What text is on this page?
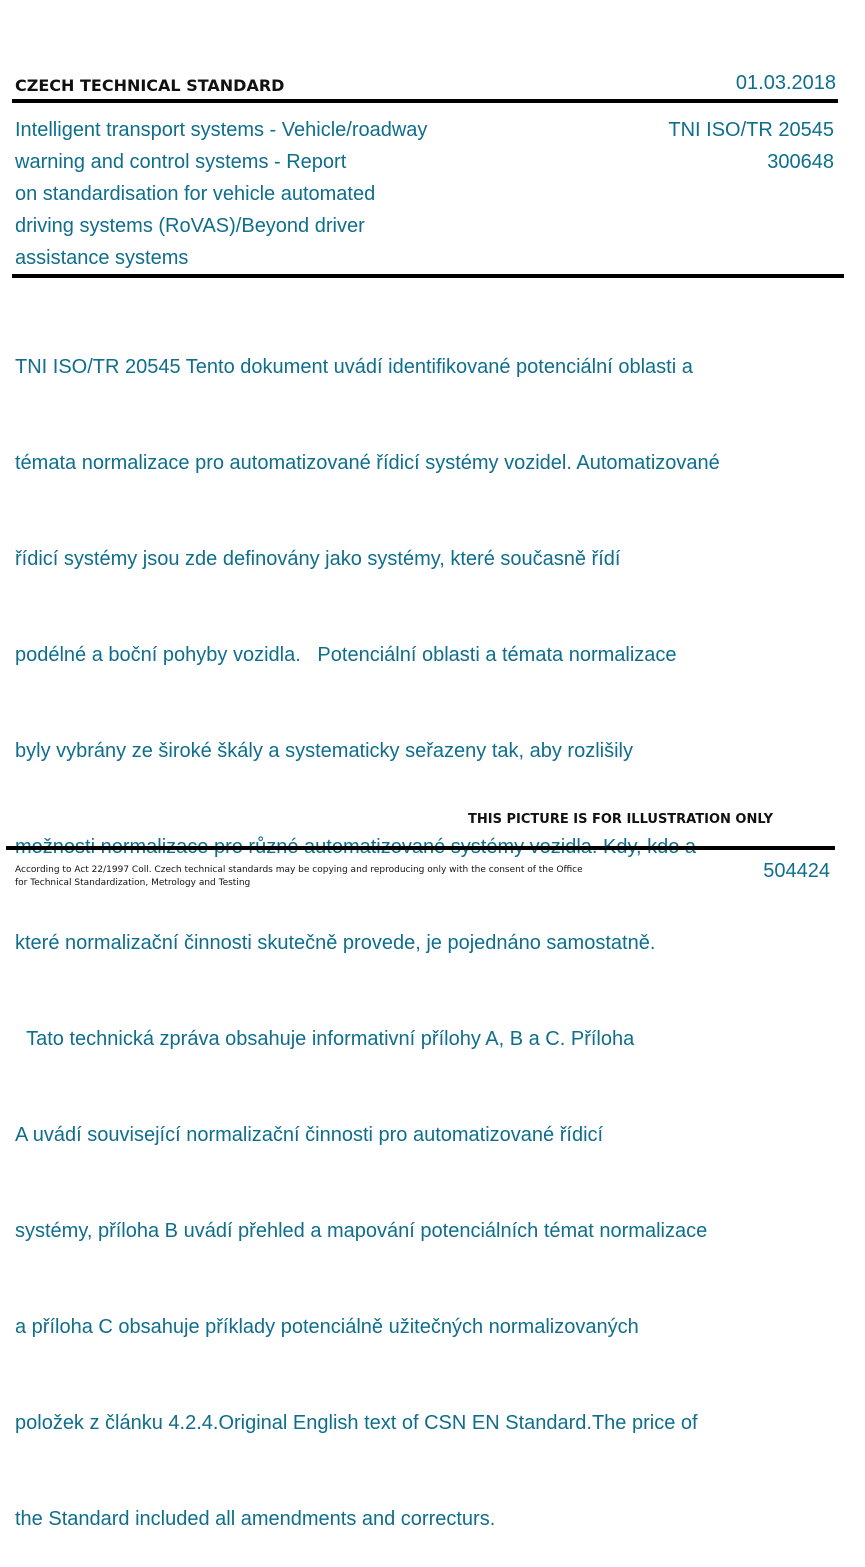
CZECH TECHNICAL STANDARD	01.03.2018
Intelligent transport systems - Vehicle/roadway
warning and control systems - Report
on standardisation for vehicle automated
driving systems (RoVAS)/Beyond driver
assistance systems
TNI ISO/TR 20545
300648

TNI ISO/TR 20545 Tento dokument uvádí identifikované potenciální oblasti a

témata normalizace pro automatizované řídicí systémy vozidel. Automatizované

řídicí systémy jsou zde definovány jako systémy, které současně řídí

podélné a boční pohyby vozidla.   Potenciální oblasti a témata normalizace

byly vybrány ze široké škály a systematicky seřazeny tak, aby rozlišily

které normalizační činnosti skutečně provede, je pojednáno samostatně.

Tato technická zpráva obsahuje informativní přílohy A, B a C. Příloha

A uvádí související normalizační činnosti pro automatizované řídicí

systémy, příloha B uvádí přehled a mapování potenciálních témat normalizace

a příloha C obsahuje příklady potenciálně užitečných normalizovaných

položek z článku 4.2.4.Original English text of CSN EN Standard.The price of

the Standard included all amendments and correcturs.

THIS PICTURE IS FOR ILLUSTRATION ONLY
According to Act 22/1997 Coll. Czech technical standards may be copying and reproducing only with the consent of the Office
for Technical Standardization, Metrology and Testing
504424
